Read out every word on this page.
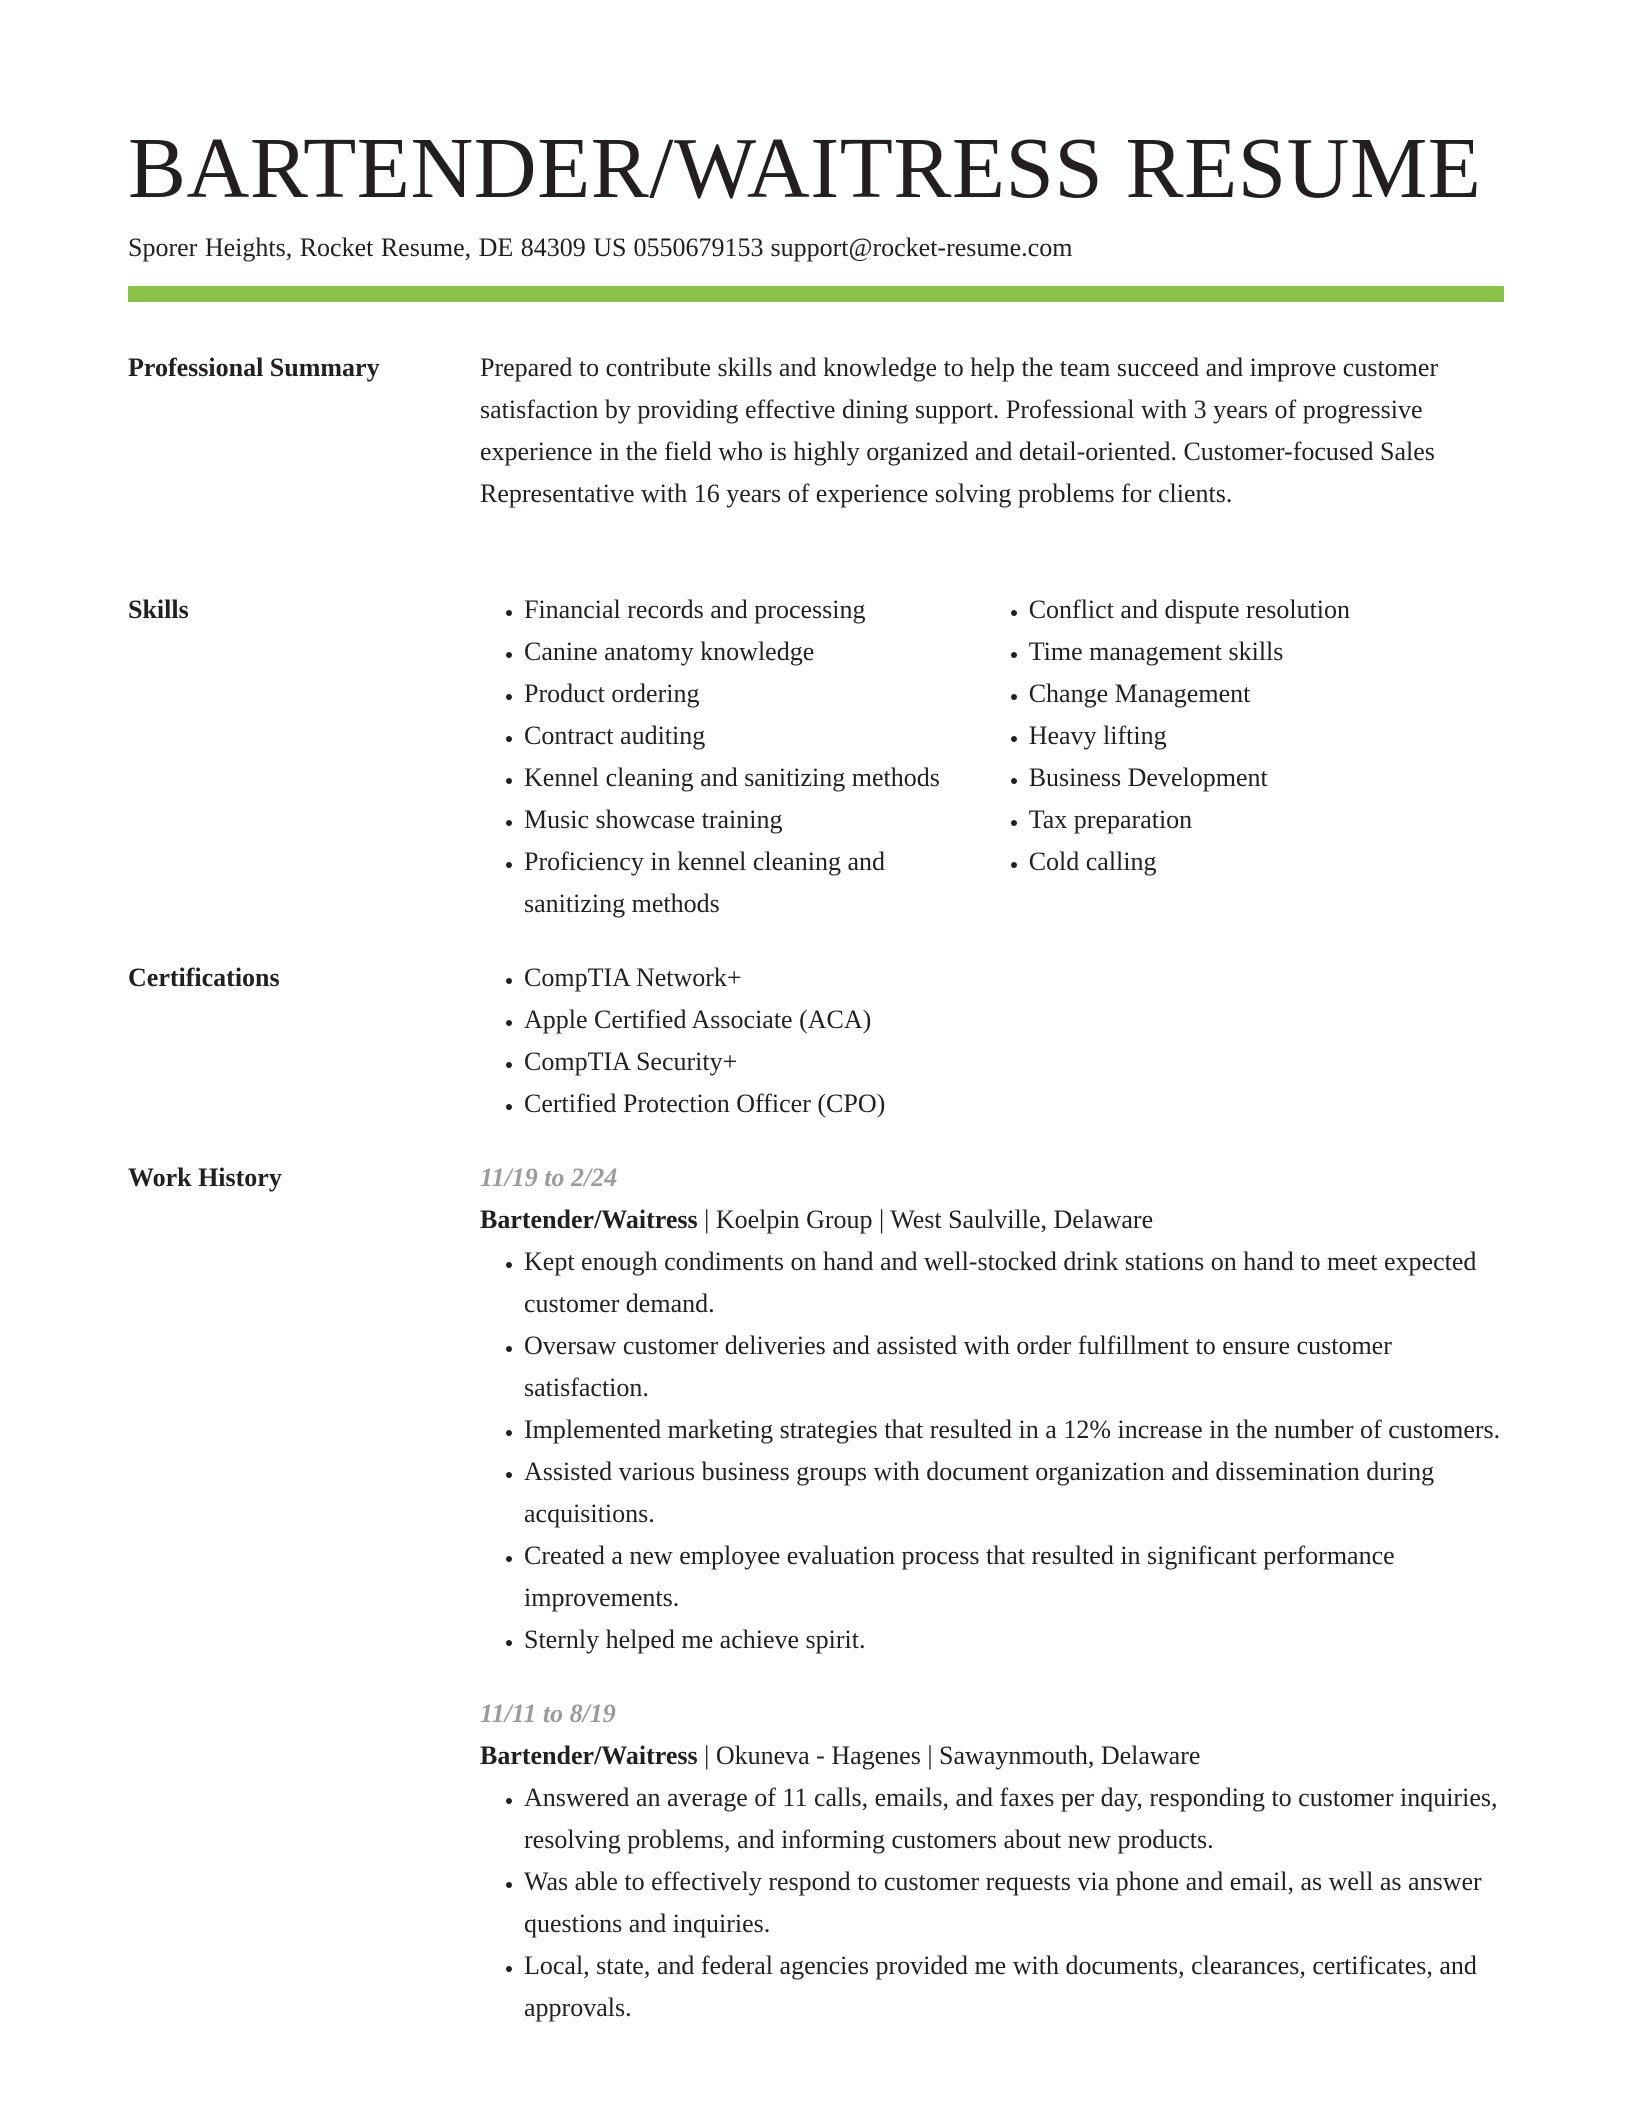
BARTENDER/WAITRESS RESUME
Sporer Heights, Rocket Resume, DE 84309 US 0550679153 support@rocket-resume.com
Professional Summary	Prepared to contribute skills and knowledge to help the team succeed and improve customer satisfaction by providing effective dining support. Professional with 3 years of progressive experience in the field who is highly organized and detail-oriented. Customer-focused Sales Representative with 16 years of experience solving problems for clients.

Skills	• Financial records and processing
• Canine anatomy knowledge
• Product ordering
• Contract auditing
• Kennel cleaning and sanitizing methods
• Music showcase training
• Proficiency in kennel cleaning and sanitizing methods
• Conflict and dispute resolution
• Time management skills
• Change Management
• Heavy lifting
• Business Development
• Tax preparation
• Cold calling
Certifications	• CompTIA Network+
• Apple Certified Associate (ACA)
• CompTIA Security+
• Certified Protection Officer (CPO)
Work History	11/19 to 2/24
Bartender/Waitress | Koelpin Group | West Saulville, Delaware
• Kept enough condiments on hand and well-stocked drink stations on hand to meet expected customer demand.
• Oversaw customer deliveries and assisted with order fulfillment to ensure customer satisfaction.
• Implemented marketing strategies that resulted in a 12% increase in the number of customers.
• Assisted various business groups with document organization and dissemination during acquisitions.
• Created a new employee evaluation process that resulted in significant performance improvements.
• Sternly helped me achieve spirit.
11/11 to 8/19
Bartender/Waitress | Okuneva - Hagenes | Sawaynmouth, Delaware
• Answered an average of 11 calls, emails, and faxes per day, responding to customer inquiries, resolving problems, and informing customers about new products.
• Was able to effectively respond to customer requests via phone and email, as well as answer questions and inquiries.
• Local, state, and federal agencies provided me with documents, clearances, certificates, and approvals.
